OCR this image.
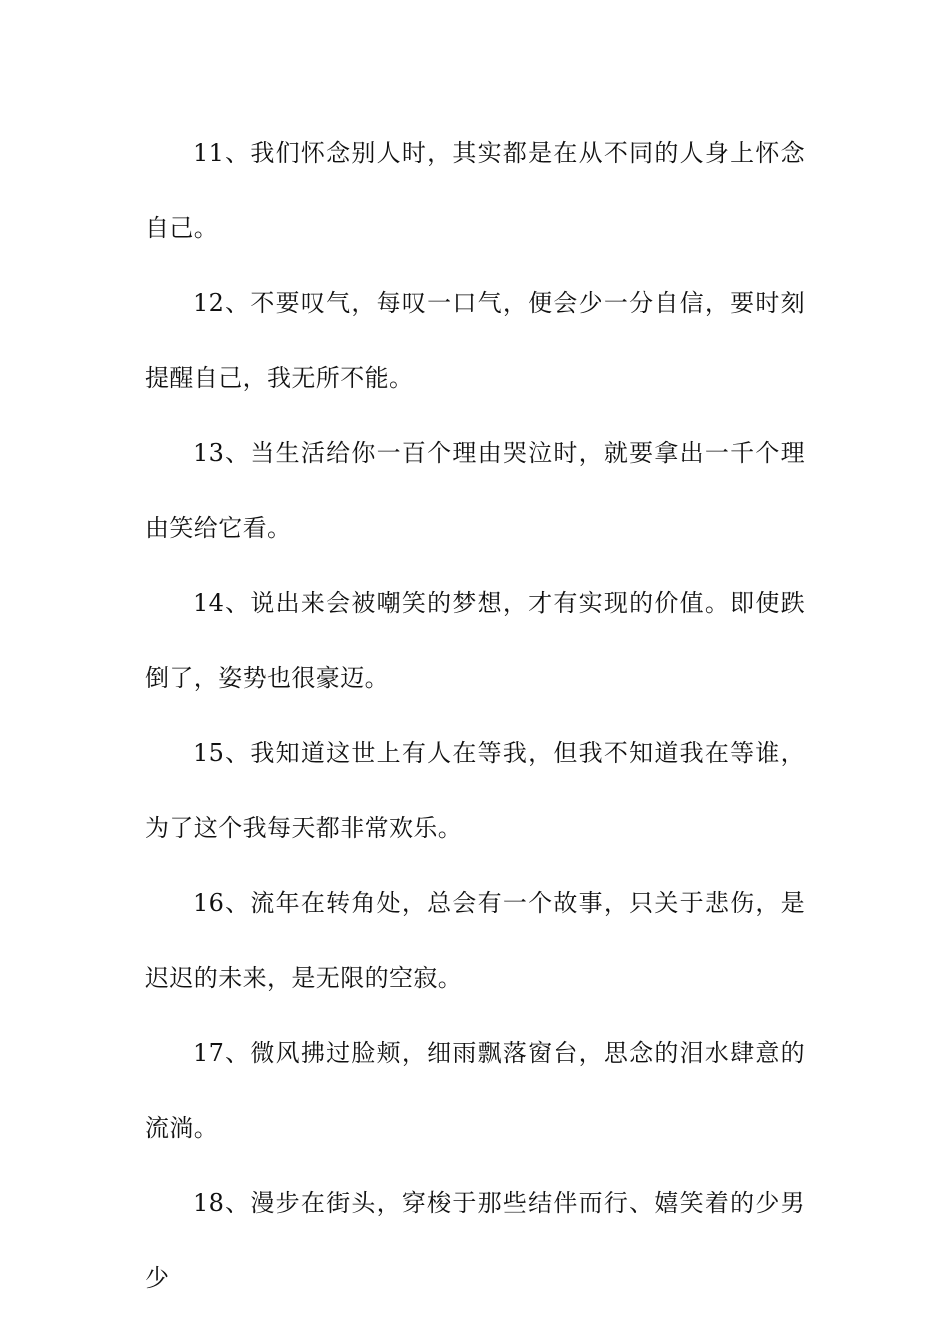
11、我们怀念别人时，其实都是在从不同的人身上怀念自己。

12、不要叹气，每叹一口气，便会少一分自信，要时刻提醒自己，我无所不能。

13、当生活给你一百个理由哭泣时，就要拿出一千个理由笑给它看。

14、说出来会被嘲笑的梦想，才有实现的价值。即使跌倒了，姿势也很豪迈。

15、我知道这世上有人在等我，但我不知道我在等谁，为了这个我每天都非常欢乐。

16、流年在转角处，总会有一个故事，只关于悲伤，是迟迟的未来，是无限的空寂。

17、微风拂过脸颊，细雨飘落窗台，思念的泪水肆意的流淌。

18、漫步在街头，穿梭于那些结伴而行、嬉笑着的少男少
